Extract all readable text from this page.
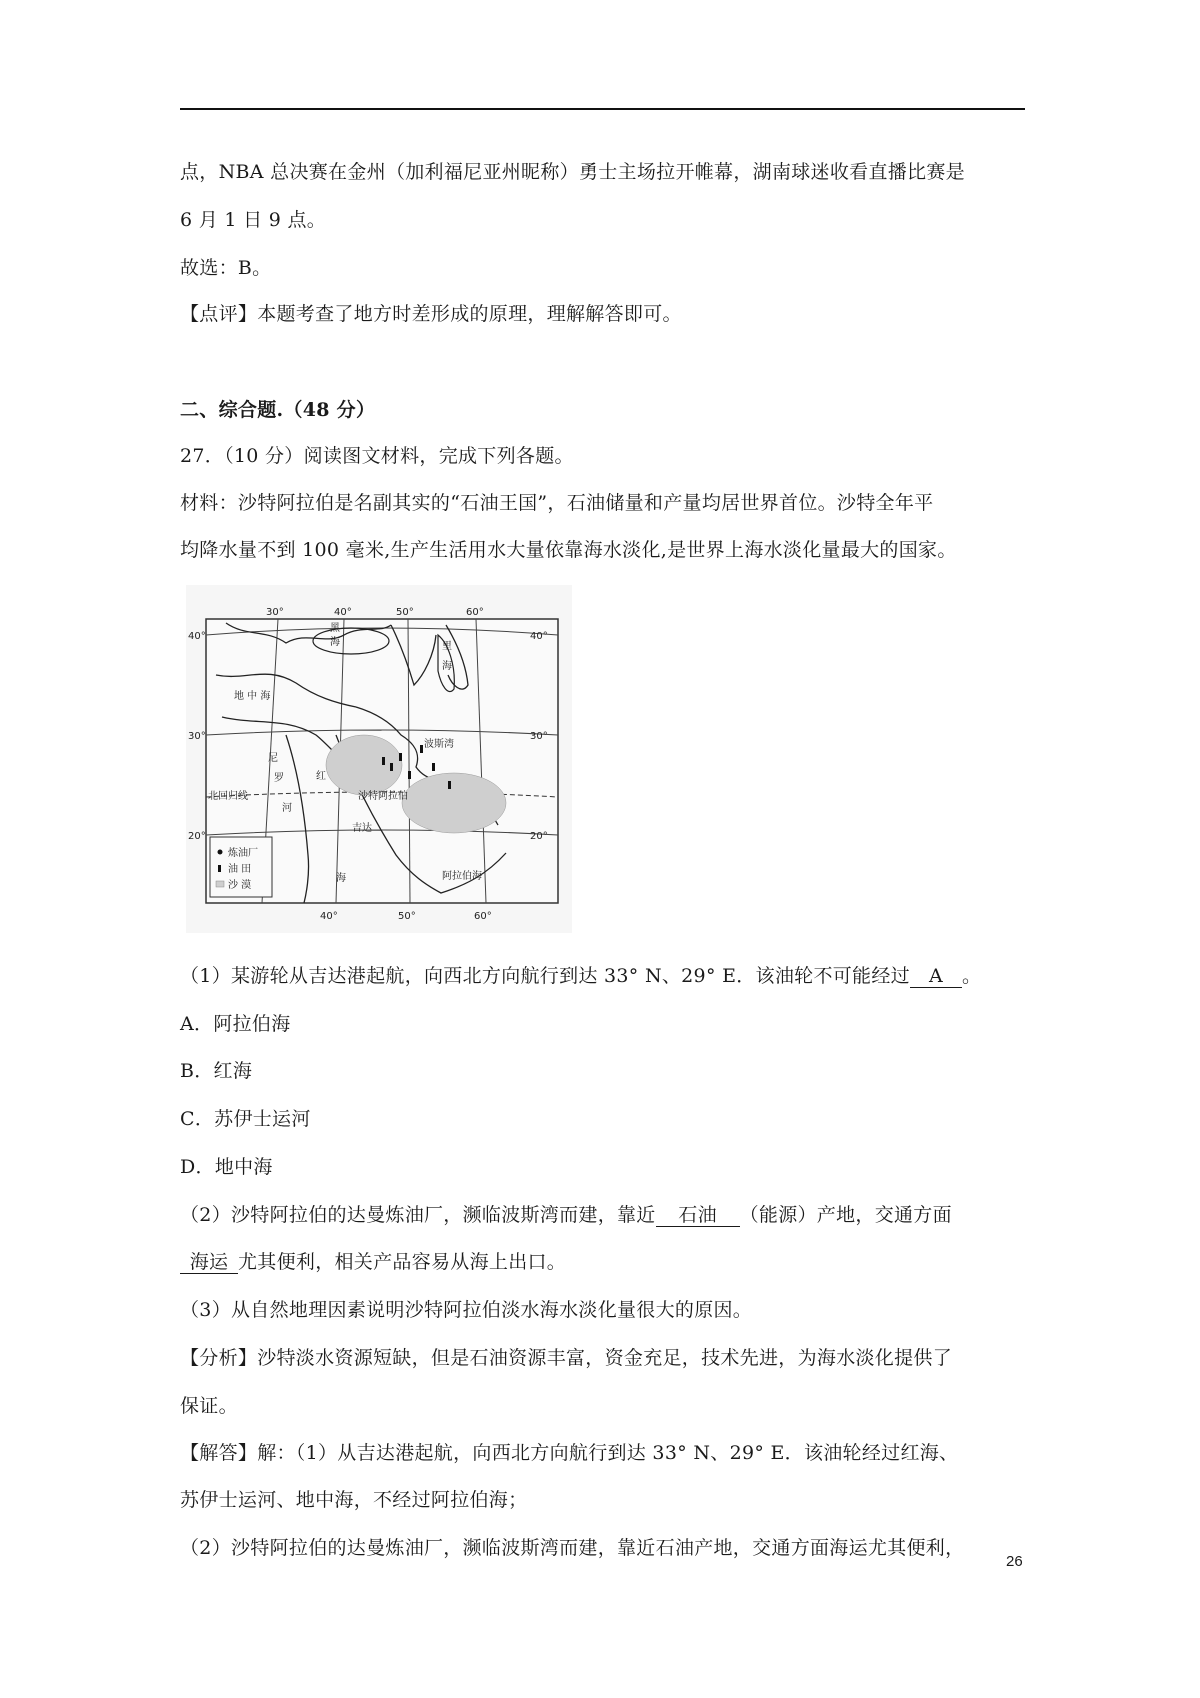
点，NBA 总决赛在金州（加利福尼亚州昵称）勇士主场拉开帷幕，湖南球迷收看直播比赛是
6 月 1 日 9 点。
故选：B。
【点评】本题考查了地方时差形成的原理，理解解答即可。
二、综合题.（48 分）
27．（10 分）阅读图文材料，完成下列各题。
材料：沙特阿拉伯是名副其实的“石油王国”，石油储量和产量均居世界首位。沙特全年平
均降水量不到 100 毫米,生产生活用水大量依靠海水淡化,是世界上海水淡化量最大的国家。
30°	40°	50°	60°
40°	50°	60°
40°
30°
20°
40°
30°
20°
黑
海	里
海
地 中 海
波斯湾
北回归线
尼
罗
河
红
海
沙特阿拉伯
吉达
阿拉伯海
炼油厂
油 田
沙 漠
（1）某游轮从吉达港起航，向西北方向航行到达 33° N、29° E．该油轮不可能经过 A 。
A．阿拉伯海
B．红海
C．苏伊士运河
D．地中海
（2）沙特阿拉伯的达曼炼油厂，濒临波斯湾而建，靠近 石油 （能源）产地，交通方面
海运 尤其便利，相关产品容易从海上出口。
（3）从自然地理因素说明沙特阿拉伯淡水海水淡化量很大的原因。
【分析】沙特淡水资源短缺，但是石油资源丰富，资金充足，技术先进，为海水淡化提供了
保证。
【解答】解：（1）从吉达港起航，向西北方向航行到达 33° N、29° E．该油轮经过红海、
苏伊士运河、地中海，不经过阿拉伯海；
（2）沙特阿拉伯的达曼炼油厂，濒临波斯湾而建，靠近石油产地，交通方面海运尤其便利，
26
